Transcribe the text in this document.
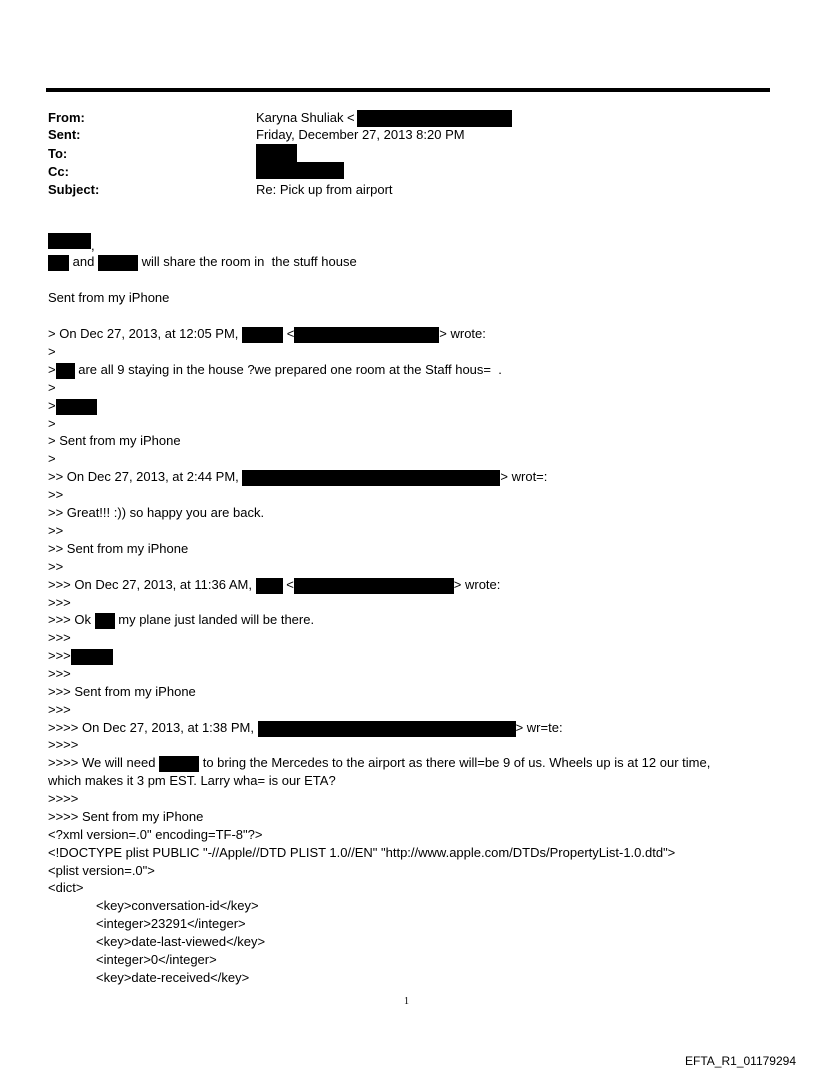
From:	Karyna Shuliak <
Sent:	Friday, December 27, 2013 8:20 PM
To:
Cc:
Subject:	Re: Pick up from airport
,
and	will share the room in  the stuff house
Sent from my iPhone
> On Dec 27, 2013, at 12:05 PM,	<	> wrote:
>
> are all 9 staying in the house ?we prepared one room at the Staff hous=  .
>
>
>
> Sent from my iPhone
>
>> On Dec 27, 2013, at 2:44 PM,	> wrot=:
>>
>> Great!!! :)) so happy you are back.
>>
>> Sent from my iPhone
>>
>>> On Dec 27, 2013, at 11:36 AM,	<	> wrote:
>>>
>>> Ok my plane just landed will be there.
>>>
>>>
>>>
>>> Sent from my iPhone
>>>
>>>> On Dec 27, 2013, at 1:38 PM,	> wr=te:
>>>>
>>>> We will need	to bring the Mercedes to the airport as there will=be 9 of us. Wheels up is at 12 our time,
which makes it 3 pm EST. Larry wha= is our ETA?
>>>>
>>>> Sent from my iPhone
<?xml version=.0" encoding=TF-8"?>
<!DOCTYPE plist PUBLIC "-//Apple//DTD PLIST 1.0//EN" "http://www.apple.com/DTDs/PropertyList-1.0.dtd">
<plist version=.0">
<dict>
<key>conversation-id</key>
<integer>23291</integer>
<key>date-last-viewed</key>
<integer>0</integer>
<key>date-received</key>
1
EFTA_R1_01179294
